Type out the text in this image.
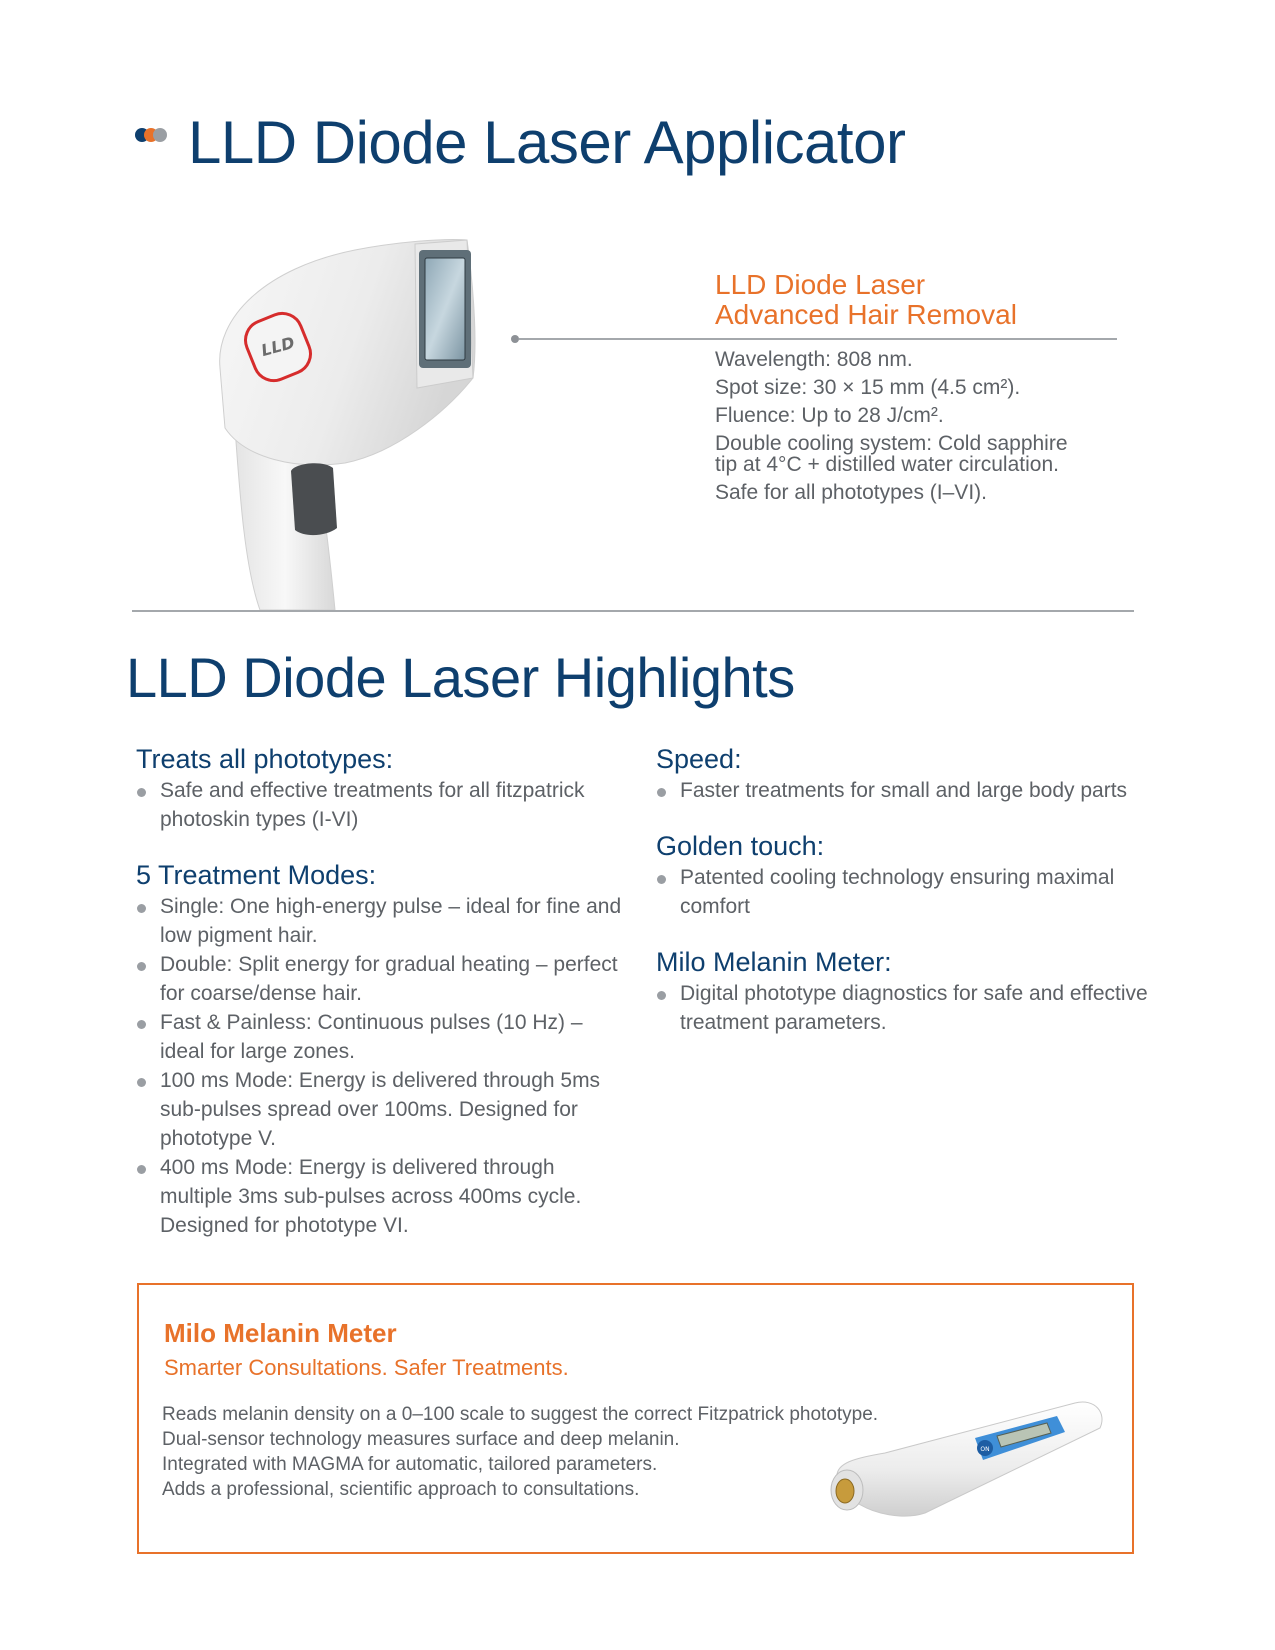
LLD Diode Laser Applicator
LLD
LLD Diode Laser
Advanced Hair Removal
Wavelength: 808 nm.
Spot size: 30 × 15 mm (4.5 cm²).
Fluence: Up to 28 J/cm².
Double cooling system: Cold sapphire tip at 4°C + distilled water circulation.
Safe for all phototypes (I–VI).
LLD Diode Laser Highlights
Treats all phototypes:
Safe and effective treatments for all fitzpatrick photoskin types (I-VI)
5 Treatment Modes:
Single: One high-energy pulse – ideal for fine and low pigment hair.
Double: Split energy for gradual heating – perfect for coarse/dense hair.
Fast & Painless: Continuous pulses (10 Hz) – ideal for large zones.
100 ms Mode: Energy is delivered through 5ms sub-pulses spread over 100ms. Designed for phototype V.
400 ms Mode: Energy is delivered through multiple 3ms sub-pulses across 400ms cycle. Designed for phototype VI.
Speed:
Faster treatments for small and large body parts
Golden touch:
Patented cooling technology ensuring maximal comfort
Milo Melanin Meter:
Digital phototype diagnostics for safe and effective treatment parameters.
Milo Melanin Meter

Smarter Consultations. Safer Treatments.

Reads melanin density on a 0–100 scale to suggest the correct Fitzpatrick phototype.
Dual-sensor technology measures surface and deep melanin.
Integrated with MAGMA for automatic, tailored parameters.
Adds a professional, scientific approach to consultations.
ON
